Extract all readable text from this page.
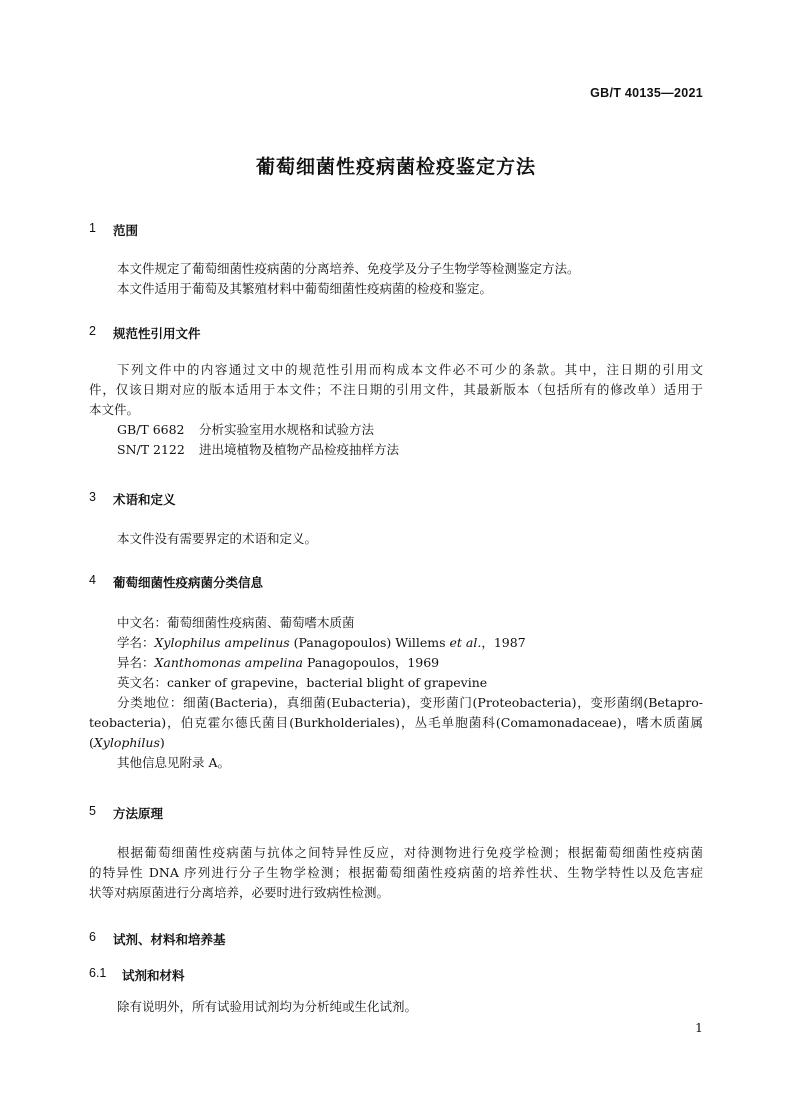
GB/T 40135—2021
葡萄细菌性疫病菌检疫鉴定方法
1	范围
本文件规定了葡萄细菌性疫病菌的分离培养、免疫学及分子生物学等检测鉴定方法。
本文件适用于葡萄及其繁殖材料中葡萄细菌性疫病菌的检疫和鉴定。
2	规范性引用文件
下列文件中的内容通过文中的规范性引用而构成本文件必不可少的条款。其中，注日期的引用文
件，仅该日期对应的版本适用于本文件；不注日期的引用文件，其最新版本（包括所有的修改单）适用于
本文件。
GB/T 6682 分析实验室用水规格和试验方法
SN/T 2122 进出境植物及植物产品检疫抽样方法
3	术语和定义
本文件没有需要界定的术语和定义。
4	葡萄细菌性疫病菌分类信息
中文名：葡萄细菌性疫病菌、葡萄嗜木质菌
学名：Xylophilus ampelinus (Panagopoulos) Willems et al.，1987
异名：Xanthomonas ampelina Panagopoulos，1969
英文名：canker of grapevine，bacterial blight of grapevine
分类地位：细菌(Bacteria)，真细菌(Eubacteria)，变形菌门(Proteobacteria)，变形菌纲(Betapro-
teobacteria)，伯克霍尔德氏菌目(Burkholderiales)，丛毛单胞菌科(Comamonadaceae)，嗜木质菌属
(Xylophilus)
其他信息见附录 A。
5	方法原理
根据葡萄细菌性疫病菌与抗体之间特异性反应，对待测物进行免疫学检测；根据葡萄细菌性疫病菌
的特异性 DNA 序列进行分子生物学检测；根据葡萄细菌性疫病菌的培养性状、生物学特性以及危害症
状等对病原菌进行分离培养，必要时进行致病性检测。
6	试剂、材料和培养基
6.1	试剂和材料
除有说明外，所有试验用试剂均为分析纯或生化试剂。
1
